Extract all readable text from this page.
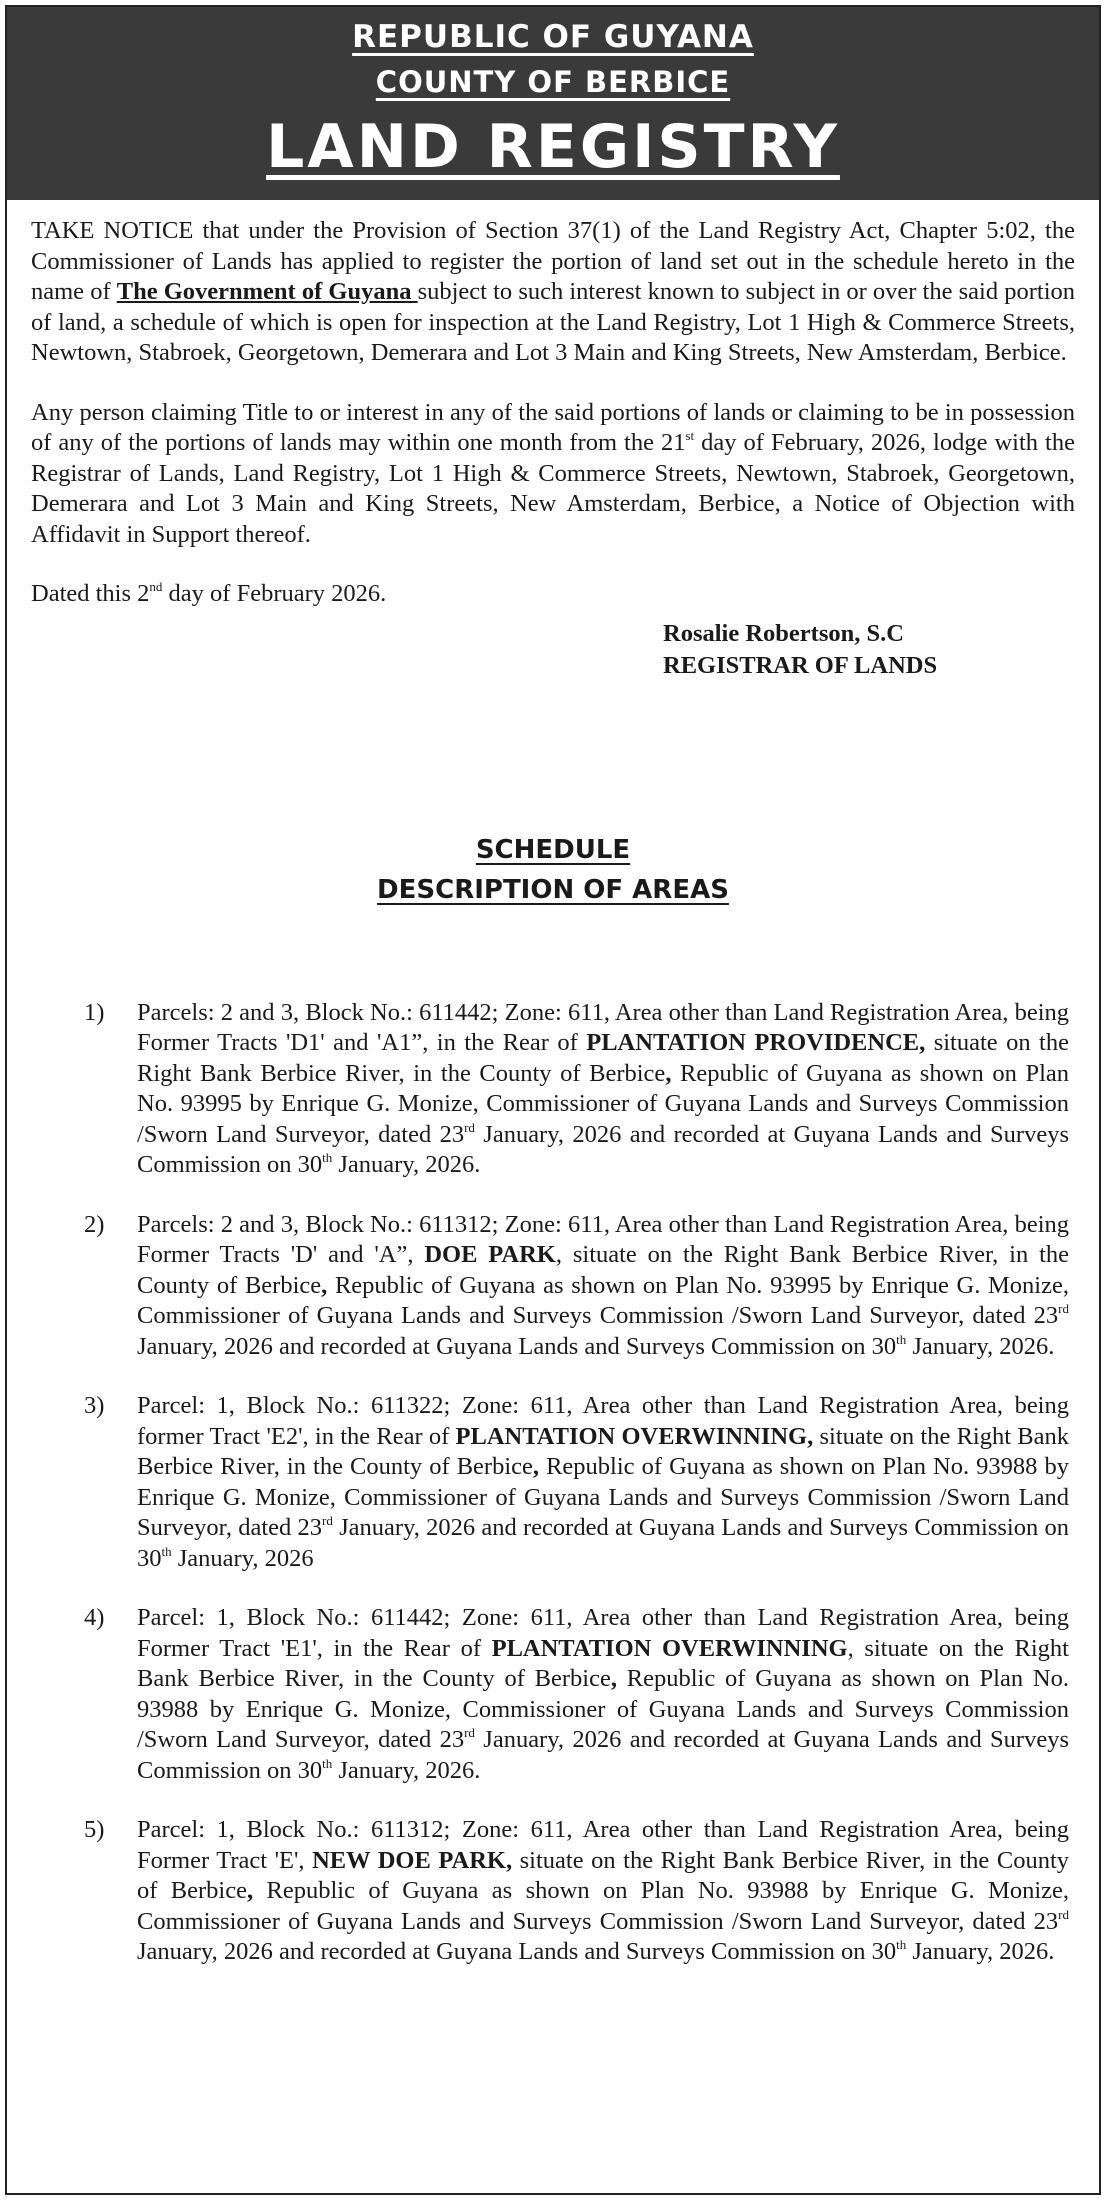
REPUBLIC OF GUYANA
COUNTY OF BERBICE
LAND REGISTRY

TAKE NOTICE that under the Provision of Section 37(1) of the Land Registry Act, Chapter 5:02, the Commissioner of Lands has applied to register the portion of land set out in the schedule hereto in the name of The Government of Guyana subject to such interest known to subject in or over the said portion of land, a schedule of which is open for inspection at the Land Registry, Lot 1 High & Commerce Streets, Newtown, Stabroek, Georgetown, Demerara and Lot 3 Main and King Streets, New Amsterdam, Berbice.

Any person claiming Title to or interest in any of the said portions of lands or claiming to be in possession of any of the portions of lands may within one month from the 21st day of February, 2026, lodge with the Registrar of Lands, Land Registry, Lot 1 High & Commerce Streets, Newtown, Stabroek, Georgetown, Demerara and Lot 3 Main and King Streets, New Amsterdam, Berbice, a Notice of Objection with Affidavit in Support thereof.

Dated this 2nd day of February 2026.

Rosalie Robertson, S.C
REGISTRAR OF LANDS
SCHEDULE
DESCRIPTION OF AREAS
1)	Parcels: 2 and 3, Block No.: 611442; Zone: 611, Area other than Land Registration Area, being Former Tracts 'D1' and 'A1”, in the Rear of PLANTATION PROVIDENCE, situate on the Right Bank Berbice River, in the County of Berbice, Republic of Guyana as shown on Plan No. 93995 by Enrique G. Monize, Commissioner of Guyana Lands and Surveys Commission /Sworn Land Surveyor, dated 23rd January, 2026 and recorded at Guyana Lands and Surveys Commission on 30th January, 2026.
2)	Parcels: 2 and 3, Block No.: 611312; Zone: 611, Area other than Land Registration Area, being Former Tracts 'D' and 'A”, DOE PARK, situate on the Right Bank Berbice River, in the County of Berbice, Republic of Guyana as shown on Plan No. 93995 by Enrique G. Monize, Commissioner of Guyana Lands and Surveys Commission /Sworn Land Surveyor, dated 23rd January, 2026 and recorded at Guyana Lands and Surveys Commission on 30th January, 2026.
3)	Parcel: 1, Block No.: 611322; Zone: 611, Area other than Land Registration Area, being former Tract 'E2', in the Rear of PLANTATION OVERWINNING, situate on the Right Bank Berbice River, in the County of Berbice, Republic of Guyana as shown on Plan No. 93988 by Enrique G. Monize, Commissioner of Guyana Lands and Surveys Commission /Sworn Land Surveyor, dated 23rd January, 2026 and recorded at Guyana Lands and Surveys Commission on 30th January, 2026
4)	Parcel: 1, Block No.: 611442; Zone: 611, Area other than Land Registration Area, being Former Tract 'E1', in the Rear of PLANTATION OVERWINNING, situate on the Right Bank Berbice River, in the County of Berbice, Republic of Guyana as shown on Plan No. 93988 by Enrique G. Monize, Commissioner of Guyana Lands and Surveys Commission /Sworn Land Surveyor, dated 23rd January, 2026 and recorded at Guyana Lands and Surveys Commission on 30th January, 2026.
5)	Parcel: 1, Block No.: 611312; Zone: 611, Area other than Land Registration Area, being Former Tract 'E', NEW DOE PARK, situate on the Right Bank Berbice River, in the County of Berbice, Republic of Guyana as shown on Plan No. 93988 by Enrique G. Monize, Commissioner of Guyana Lands and Surveys Commission /Sworn Land Surveyor, dated 23rd January, 2026 and recorded at Guyana Lands and Surveys Commission on 30th January, 2026.
